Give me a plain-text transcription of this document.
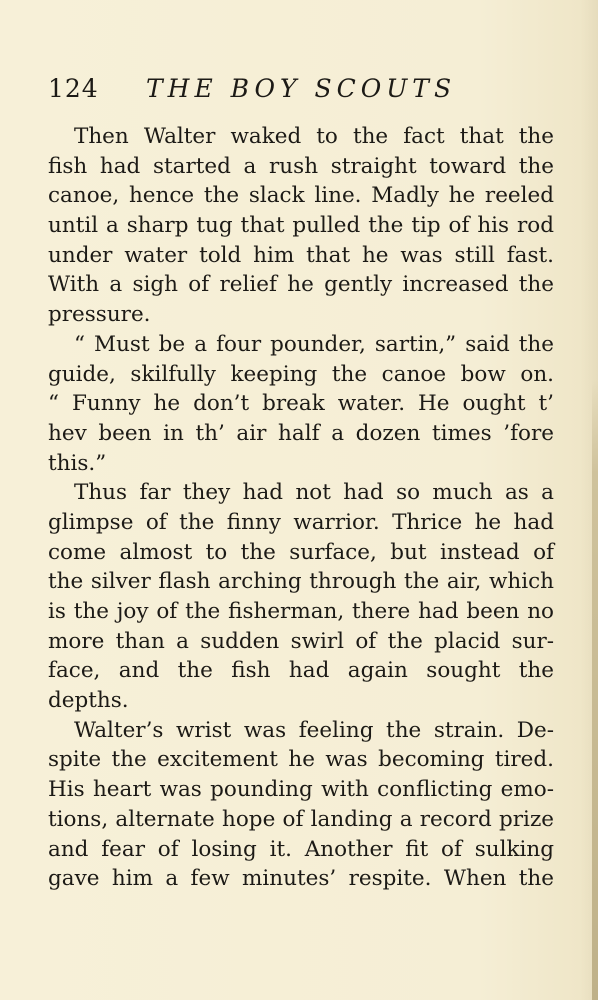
124 THE BOY SCOUTS
Then Walter waked to the fact that the
fish had started a rush straight toward the
canoe, hence the slack line. Madly he reeled
until a sharp tug that pulled the tip of his rod
under water told him that he was still fast.
With a sigh of relief he gently increased the
pressure.
“ Must be a four pounder, sartin,” said the
guide, skilfully keeping the canoe bow on.
“ Funny he don’t break water. He ought t’
hev been in th’ air half a dozen times ’fore
this.”
Thus far they had not had so much as a
glimpse of the finny warrior. Thrice he had
come almost to the surface, but instead of
the silver flash arching through the air, which
is the joy of the fisherman, there had been no
more than a sudden swirl of the placid sur-
face, and the fish had again sought the
depths.
Walter’s wrist was feeling the strain. De-
spite the excitement he was becoming tired.
His heart was pounding with conflicting emo-
tions, alternate hope of landing a record prize
and fear of losing it. Another fit of sulking
gave him a few minutes’ respite. When the
